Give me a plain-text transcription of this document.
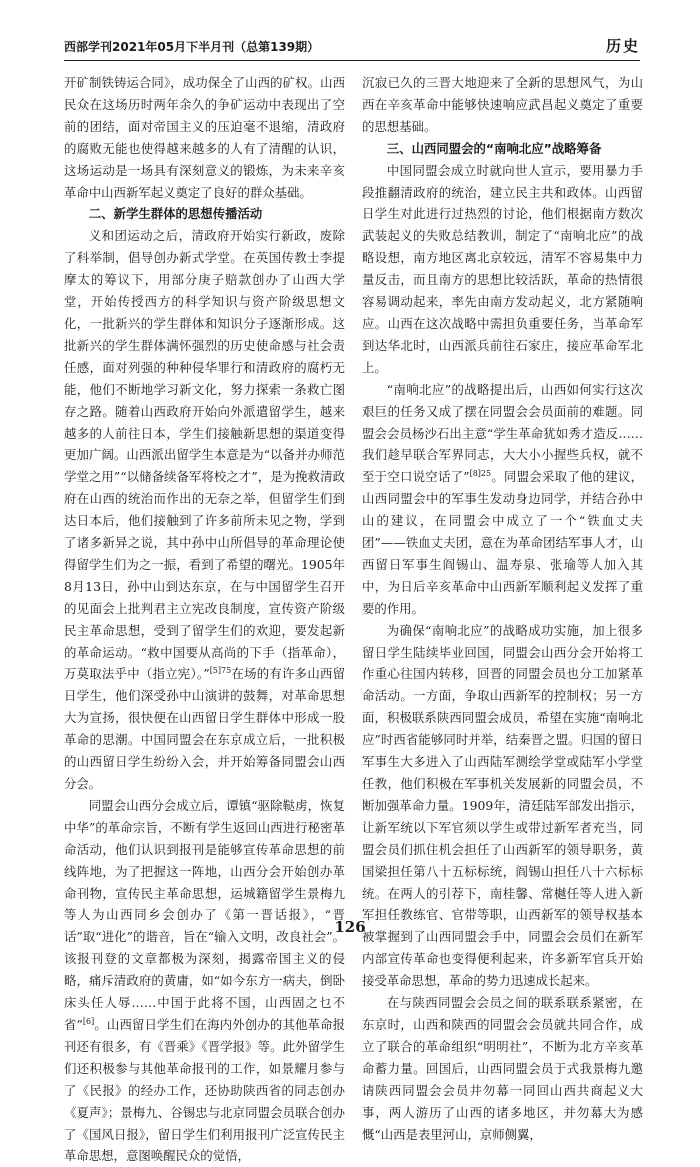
西部学刊2021年05月下半月刊（总第139期）	历史

开矿制铁铸运合同》，成功保全了山西的矿权。山西民众在这场历时两年余久的争矿运动中表现出了空前的团结，面对帝国主义的压迫毫不退缩，清政府的腐败无能也使得越来越多的人有了清醒的认识，这场运动是一场具有深刻意义的锻炼，为未来辛亥革命中山西新军起义奠定了良好的群众基础。

二、新学生群体的思想传播活动

义和团运动之后，清政府开始实行新政，废除了科举制，倡导创办新式学堂。在英国传教士李提摩太的筹议下，用部分庚子赔款创办了山西大学堂，开始传授西方的科学知识与资产阶级思想文化，一批新兴的学生群体和知识分子逐渐形成。这批新兴的学生群体满怀强烈的历史使命感与社会责任感，面对列强的种种侵华罪行和清政府的腐朽无能，他们不断地学习新文化，努力探索一条救亡图存之路。随着山西政府开始向外派遣留学生，越来越多的人前往日本，学生们接触新思想的渠道变得更加广阔。山西派出留学生本意是为“以备并办师范学堂之用”“以储备续备军将校之才”，是为挽救清政府在山西的统治而作出的无奈之举，但留学生们到达日本后，他们接触到了许多前所未见之物，学到了诸多新异之说，其中孙中山所倡导的革命理论使得留学生们为之一振，看到了希望的曙光。1905年8月13日，孙中山到达东京，在与中国留学生召开的见面会上批判君主立宪改良制度，宣传资产阶级民主革命思想，受到了留学生们的欢迎，要发起新的革命运动。“救中国要从高尚的下手（指革命），万莫取法乎中（指立宪）。”$^{[5]75}$在场的有许多山西留日学生，他们深受孙中山演讲的鼓舞，对革命思想大为宣扬，很快便在山西留日学生群体中形成一股革命的思潮。中国同盟会在东京成立后，一批积极的山西留日学生纷纷入会，并开始筹备同盟会山西分会。

同盟会山西分会成立后，谭镇“驱除鞑虏，恢复中华”的革命宗旨，不断有学生返回山西进行秘密革命活动，他们认识到报刊是能够宣传革命思想的前线阵地，为了把握这一阵地，山西分会开始创办革命刊物，宣传民主革命思想，运城籍留学生景梅九等人为山西同乡会创办了《第一晋话报》，“晋话”取“进化”的谐音，旨在“输入文明，改良社会”。该报刊登的文章都极为深刻，揭露帝国主义的侵略，痛斥清政府的黄庸，如“如今东方一病夫，倒卧床头任人辱……中国于此将不国，山西固之乜不省”[6]。山西留日学生们在海内外创办的其他革命报刊还有很多，有《晋乘》《晋学报》等。此外留学生们还积极参与其他革命报刊的工作，如景耀月参与了《民报》的经办工作，还协助陕西省的同志创办《夏声》；景梅九、谷锡忠与北京同盟会员联合创办了《国风日报》，留日学生们利用报刊广泛宣传民主革命思想，意图唤醒民众的觉悟，

沉寂已久的三晋大地迎来了全新的思想风气，为山西在辛亥革命中能够快速响应武昌起义奠定了重要的思想基础。

三、山西同盟会的“南响北应”战略筹备

中国同盟会成立时就向世人宣示，要用暴力手段推翻清政府的统治，建立民主共和政体。山西留日学生对此进行过热烈的讨论，他们根据南方数次武装起义的失败总结教训，制定了“南响北应”的战略设想，南方地区离北京较远，清军不容易集中力量反击，而且南方的思想比较活跃，革命的热情很容易调动起来，率先由南方发动起义，北方紧随响应。山西在这次战略中需担负重要任务，当革命军到达华北时，山西派兵前往石家庄，接应革命军北上。

“南响北应”的战略提出后，山西如何实行这次艰巨的任务又成了摆在同盟会会员面前的难题。同盟会会员杨沙石出主意“学生革命犹如秀才造反……我们趁早联合军界同志，大大小小握些兵权，就不至于空口说空话了”$^{[8]25}$。同盟会采取了他的建议，山西同盟会中的军事生发动身边同学，并结合孙中山的建议，在同盟会中成立了一个“铁血丈夫团”——铁血丈夫团，意在为革命团结军事人才，山西留日军事生阎锡山、温寿泉、张瑜等人加入其中，为日后辛亥革命中山西新军顺利起义发挥了重要的作用。

为确保“南响北应”的战略成功实施，加上很多留日学生陆续毕业回国，同盟会山西分会开始将工作重心往国内转移，回晋的同盟会员也分工加紧革命活动。一方面，争取山西新军的控制权；另一方面，积极联系陕西同盟会成员，希望在实施“南响北应”时西省能够同时并举，结秦晋之盟。归国的留日军事生大多进入了山西陆军测绘学堂或陆军小学堂任教，他们积极在军事机关发展新的同盟会员，不断加强革命力量。1909年，清廷陆军部发出指示，让新军统以下军官须以学生或带过新军者充当，同盟会员们抓住机会担任了山西新军的领导职务，黄国梁担任第八十五标标统，阎锡山担任八十六标标统。在两人的引荐下，南桂馨、常樾任等人进入新军担任教练官、官带等职，山西新军的领导权基本被掌握到了山西同盟会手中，同盟会会员们在新军内部宣传革命也变得便利起来，许多新军官兵开始接受革命思想，革命的势力迅速成长起来。

在与陕西同盟会会员之间的联系联系紧密，在东京时，山西和陕西的同盟会会员就共同合作，成立了联合的革命组织“明明社”，不断为北方辛亥革命蓄力量。回国后，山西同盟会员于式我景梅九邀请陕西同盟会会员井勿幕一同回山西共商起义大事，两人游历了山西的诸多地区，并勿幕大为感慨“山西是表里河山，京师侧翼，

126
